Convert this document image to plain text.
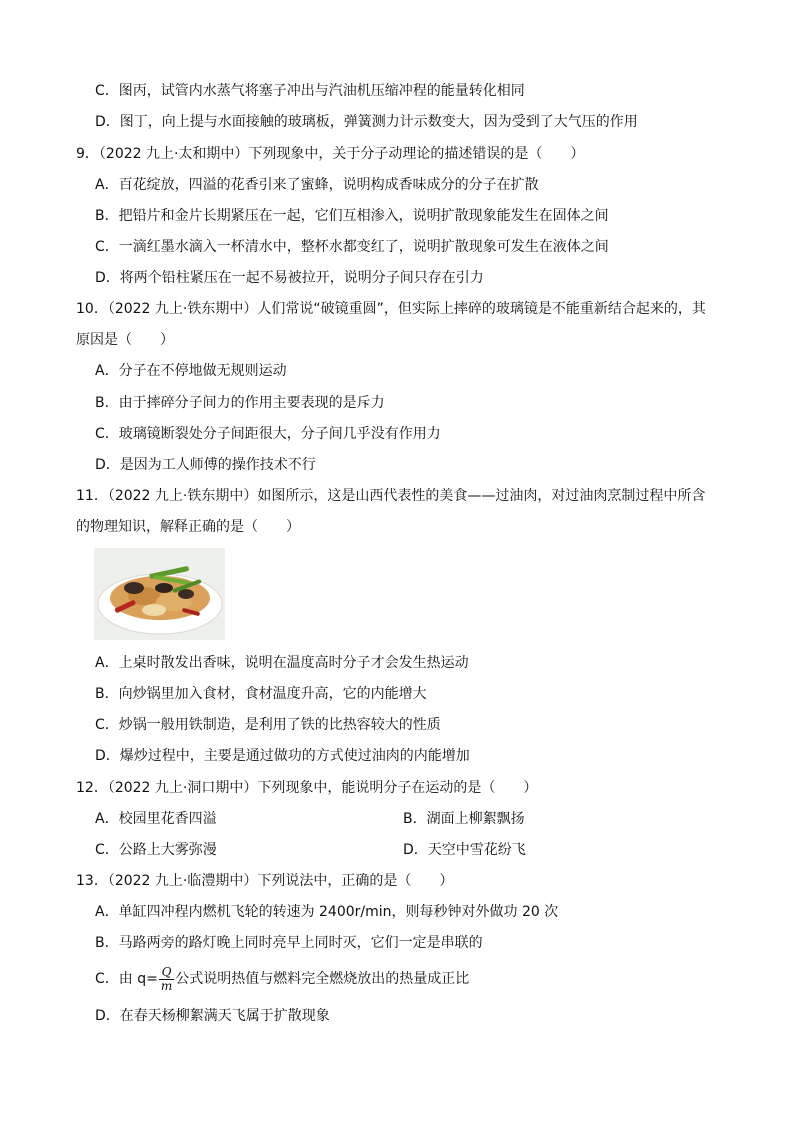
C．图丙，试管内水蒸气将塞子冲出与汽油机压缩冲程的能量转化相同
D．图丁，向上提与水面接触的玻璃板，弹簧测力计示数变大，因为受到了大气压的作用
9．（2022 九上·太和期中）下列现象中，关于分子动理论的描述错误的是（　　）
A．百花绽放，四溢的花香引来了蜜蜂，说明构成香味成分的分子在扩散
B．把铅片和金片长期紧压在一起，它们互相渗入，说明扩散现象能发生在固体之间
C．一滴红墨水滴入一杯清水中，整杯水都变红了，说明扩散现象可发生在液体之间
D．将两个铅柱紧压在一起不易被拉开，说明分子间只存在引力
10．（2022 九上·铁东期中）人们常说“破镜重圆”，但实际上摔碎的玻璃镜是不能重新结合起来的，其
原因是（　　）
A．分子在不停地做无规则运动
B．由于摔碎分子间力的作用主要表现的是斥力
C．玻璃镜断裂处分子间距很大，分子间几乎没有作用力
D．是因为工人师傅的操作技术不行
11．（2022 九上·铁东期中）如图所示，这是山西代表性的美食——过油肉，对过油肉烹制过程中所含
的物理知识，解释正确的是（　　）
A．上桌时散发出香味，说明在温度高时分子才会发生热运动
B．向炒锅里加入食材，食材温度升高，它的内能增大
C．炒锅一般用铁制造，是利用了铁的比热容较大的性质
D．爆炒过程中，主要是通过做功的方式使过油肉的内能增加
12．（2022 九上·洞口期中）下列现象中，能说明分子在运动的是（　　）
A．校园里花香四溢	B．湖面上柳絮飘扬
C．公路上大雾弥漫	D．天空中雪花纷飞
13．（2022 九上·临澧期中）下列说法中，正确的是（　　）
A．单缸四冲程内燃机飞轮的转速为 2400r/min，则每秒钟对外做功 20 次
B．马路两旁的路灯晚上同时亮早上同时灭，它们一定是串联的
C．由 $q= \frac{Q}{m}$ 公式说明热值与燃料完全燃烧放出的热量成正比
D．在春天杨柳絮满天飞属于扩散现象
